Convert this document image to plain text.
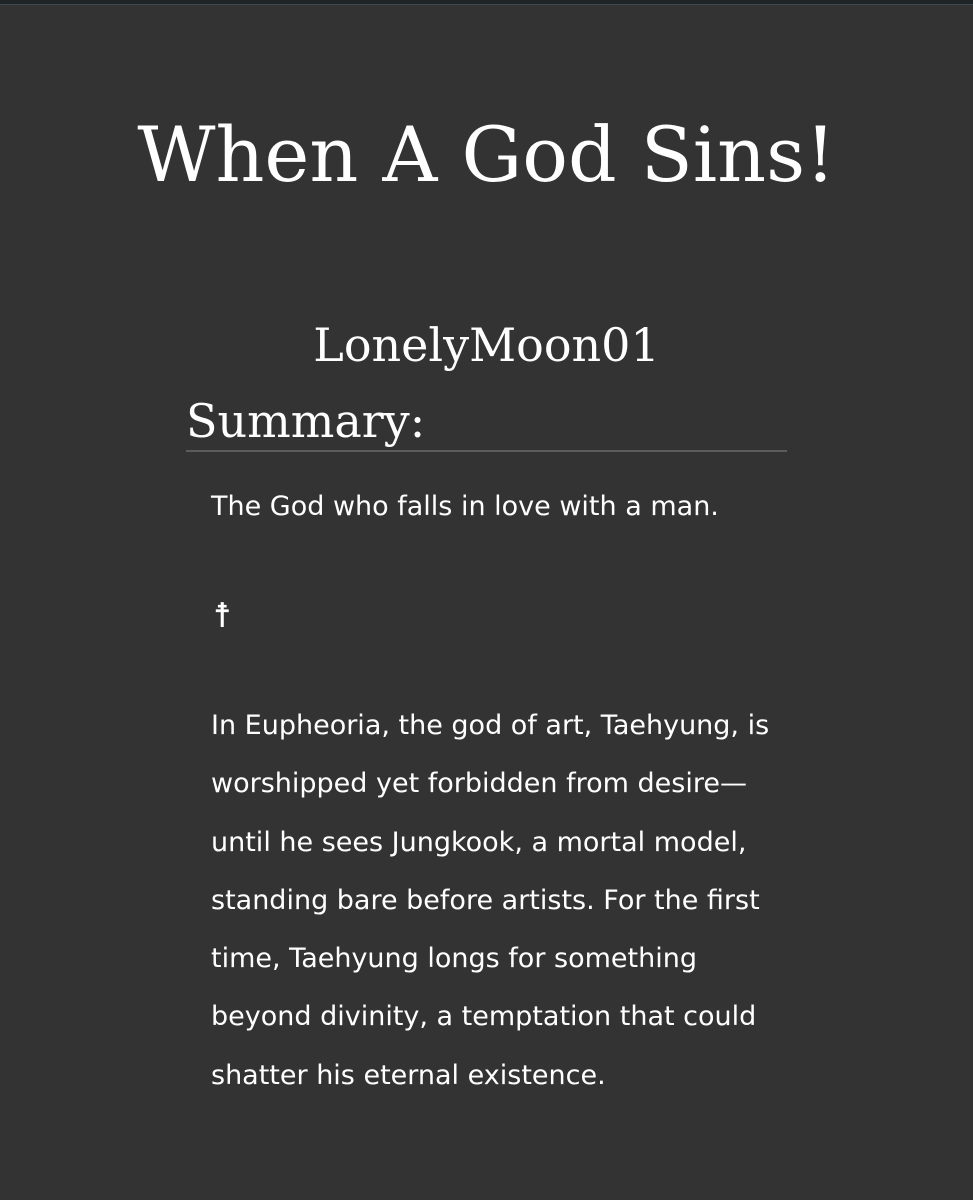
When A God Sins!
LonelyMoon01
Summary:

The God who falls in love with a man.

☨

In Eupheoria, the god of art, Taehyung, is worshipped yet forbidden from desire— until he sees Jungkook, a mortal model, standing bare before artists. For the first time, Taehyung longs for something beyond divinity, a temptation that could shatter his eternal existence.
